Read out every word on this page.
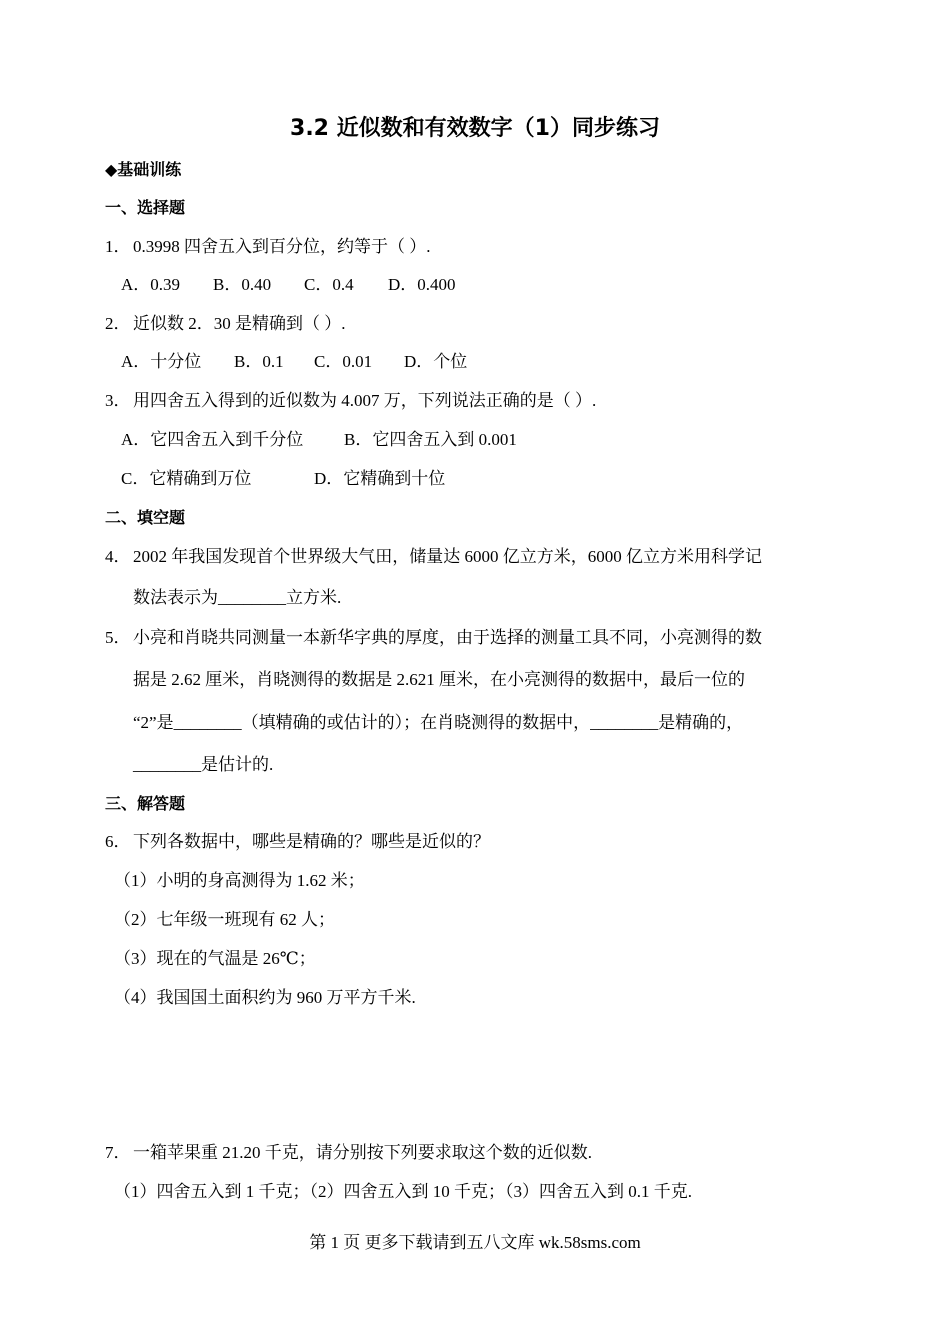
3.2 近似数和有效数字（1）同步练习
◆基础训练
一、选择题
1． 0.3998 四舍五入到百分位，约等于（ ）.
A．0.39 B．0.40 C．0.4 D．0.400
2． 近似数 2．30 是精确到（ ）.
A．十分位 B．0.1 C．0.01 D．个位
3． 用四舍五入得到的近似数为 4.007 万，下列说法正确的是（ ）.
A．它四舍五入到千分位 B．它四舍五入到 0.001
C．它精确到万位	D．它精确到十位
二、填空题
4． 2002 年我国发现首个世界级大气田，储量达 6000 亿立方米，6000 亿立方米用科学记
数法表示为________立方米.
5． 小亮和肖晓共同测量一本新华字典的厚度，由于选择的测量工具不同，小亮测得的数
据是 2.62 厘米，肖晓测得的数据是 2.621 厘米，在小亮测得的数据中，最后一位的
“2”是________（填精确的或估计的）；在肖晓测得的数据中，________是精确的，
________是估计的.
三、解答题
6． 下列各数据中，哪些是精确的？哪些是近似的？
（1）小明的身高测得为 1.62 米；
（2）七年级一班现有 62 人；
（3）现在的气温是 26℃；
（4）我国国土面积约为 960 万平方千米.
7． 一箱苹果重 21.20 千克，请分别按下列要求取这个数的近似数.
（1）四舍五入到 1 千克；（2）四舍五入到 10 千克；（3）四舍五入到 0.1 千克.
第 1 页 更多下载请到五八文库 wk.58sms.com
